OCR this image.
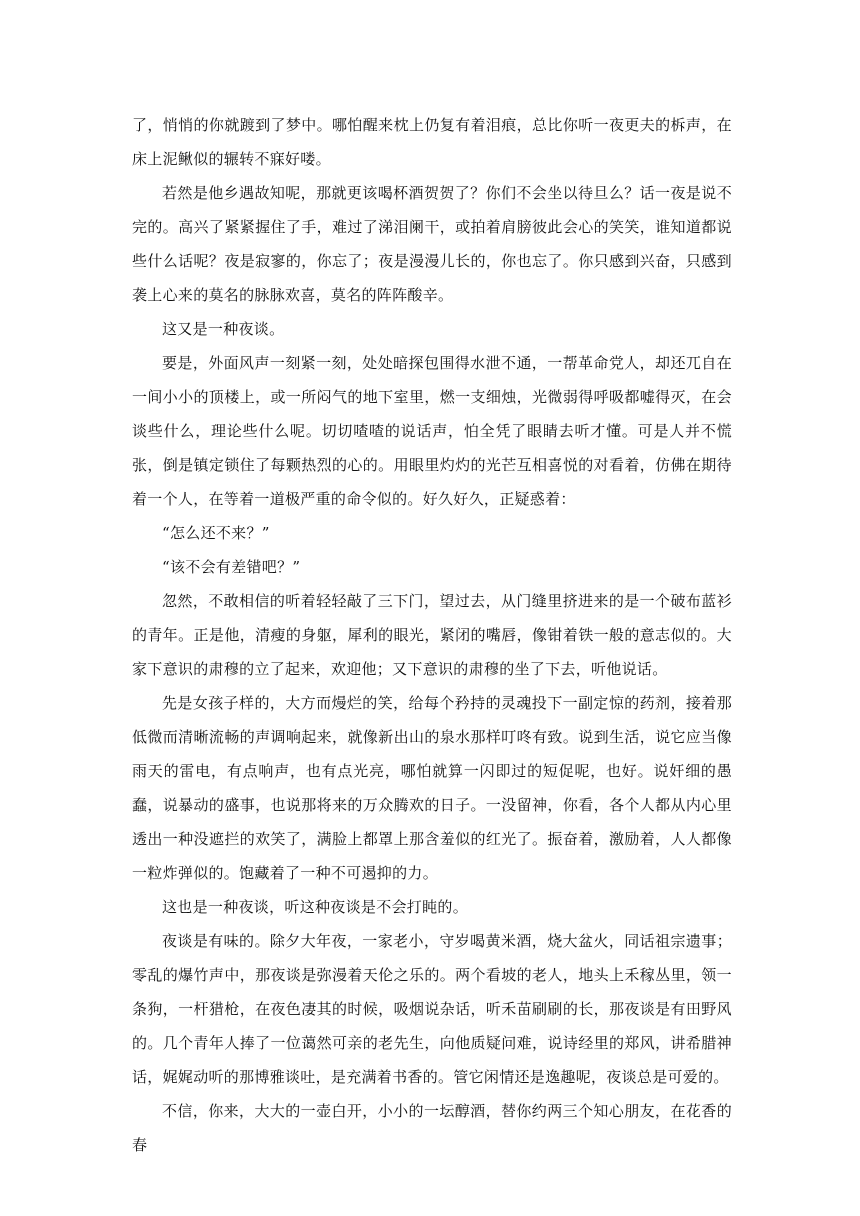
了，悄悄的你就踱到了梦中。哪怕醒来枕上仍复有着泪痕，总比你听一夜更夫的柝声，在床上泥鳅似的辗转不寐好喽。

若然是他乡遇故知呢，那就更该喝杯酒贺贺了？你们不会坐以待旦么？话一夜是说不完的。高兴了紧紧握住了手，难过了涕泪阑干，或拍着肩膀彼此会心的笑笑，谁知道都说些什么话呢？夜是寂寥的，你忘了；夜是漫漫儿长的，你也忘了。你只感到兴奋，只感到袭上心来的莫名的脉脉欢喜，莫名的阵阵酸辛。

这又是一种夜谈。

要是，外面风声一刻紧一刻，处处暗探包围得水泄不通，一帮革命党人，却还兀自在一间小小的顶楼上，或一所闷气的地下室里，燃一支细烛，光微弱得呼吸都嘘得灭，在会谈些什么，理论些什么呢。切切喳喳的说话声，怕全凭了眼睛去听才懂。可是人并不慌张，倒是镇定锁住了每颗热烈的心的。用眼里灼灼的光芒互相喜悦的对看着，仿佛在期待着一个人，在等着一道极严重的命令似的。好久好久，正疑惑着：

“怎么还不来？”

“该不会有差错吧？”

忽然，不敢相信的听着轻轻敲了三下门，望过去，从门缝里挤进来的是一个破布蓝衫的青年。正是他，清瘦的身躯，犀利的眼光，紧闭的嘴唇，像钳着铁一般的意志似的。大家下意识的肃穆的立了起来，欢迎他；又下意识的肃穆的坐了下去，听他说话。

先是女孩子样的，大方而熳烂的笑，给每个矜持的灵魂投下一副定惊的药剂，接着那低微而清晰流畅的声调响起来，就像新出山的泉水那样叮咚有致。说到生活，说它应当像雨天的雷电，有点响声，也有点光亮，哪怕就算一闪即过的短促呢，也好。说奸细的愚蠢，说暴动的盛事，也说那将来的万众腾欢的日子。一没留神，你看，各个人都从内心里透出一种没遮拦的欢笑了，满脸上都罩上那含羞似的红光了。振奋着，激励着，人人都像一粒炸弹似的。饱藏着了一种不可遏抑的力。

这也是一种夜谈，听这种夜谈是不会打盹的。

夜谈是有味的。除夕大年夜，一家老小，守岁喝黄米酒，烧大盆火，同话祖宗遗事；零乱的爆竹声中，那夜谈是弥漫着天伦之乐的。两个看坡的老人，地头上禾稼丛里，领一条狗，一杆猎枪，在夜色凄其的时候，吸烟说杂话，听禾苗刷刷的长，那夜谈是有田野风的。几个青年人捧了一位蔼然可亲的老先生，向他质疑问难，说诗经里的郑风，讲希腊神话，娓娓动听的那博雅谈吐，是充满着书香的。管它闲情还是逸趣呢，夜谈总是可爱的。

不信，你来，大大的一壶白开，小小的一坛醇酒，替你约两三个知心朋友，在花香的春
